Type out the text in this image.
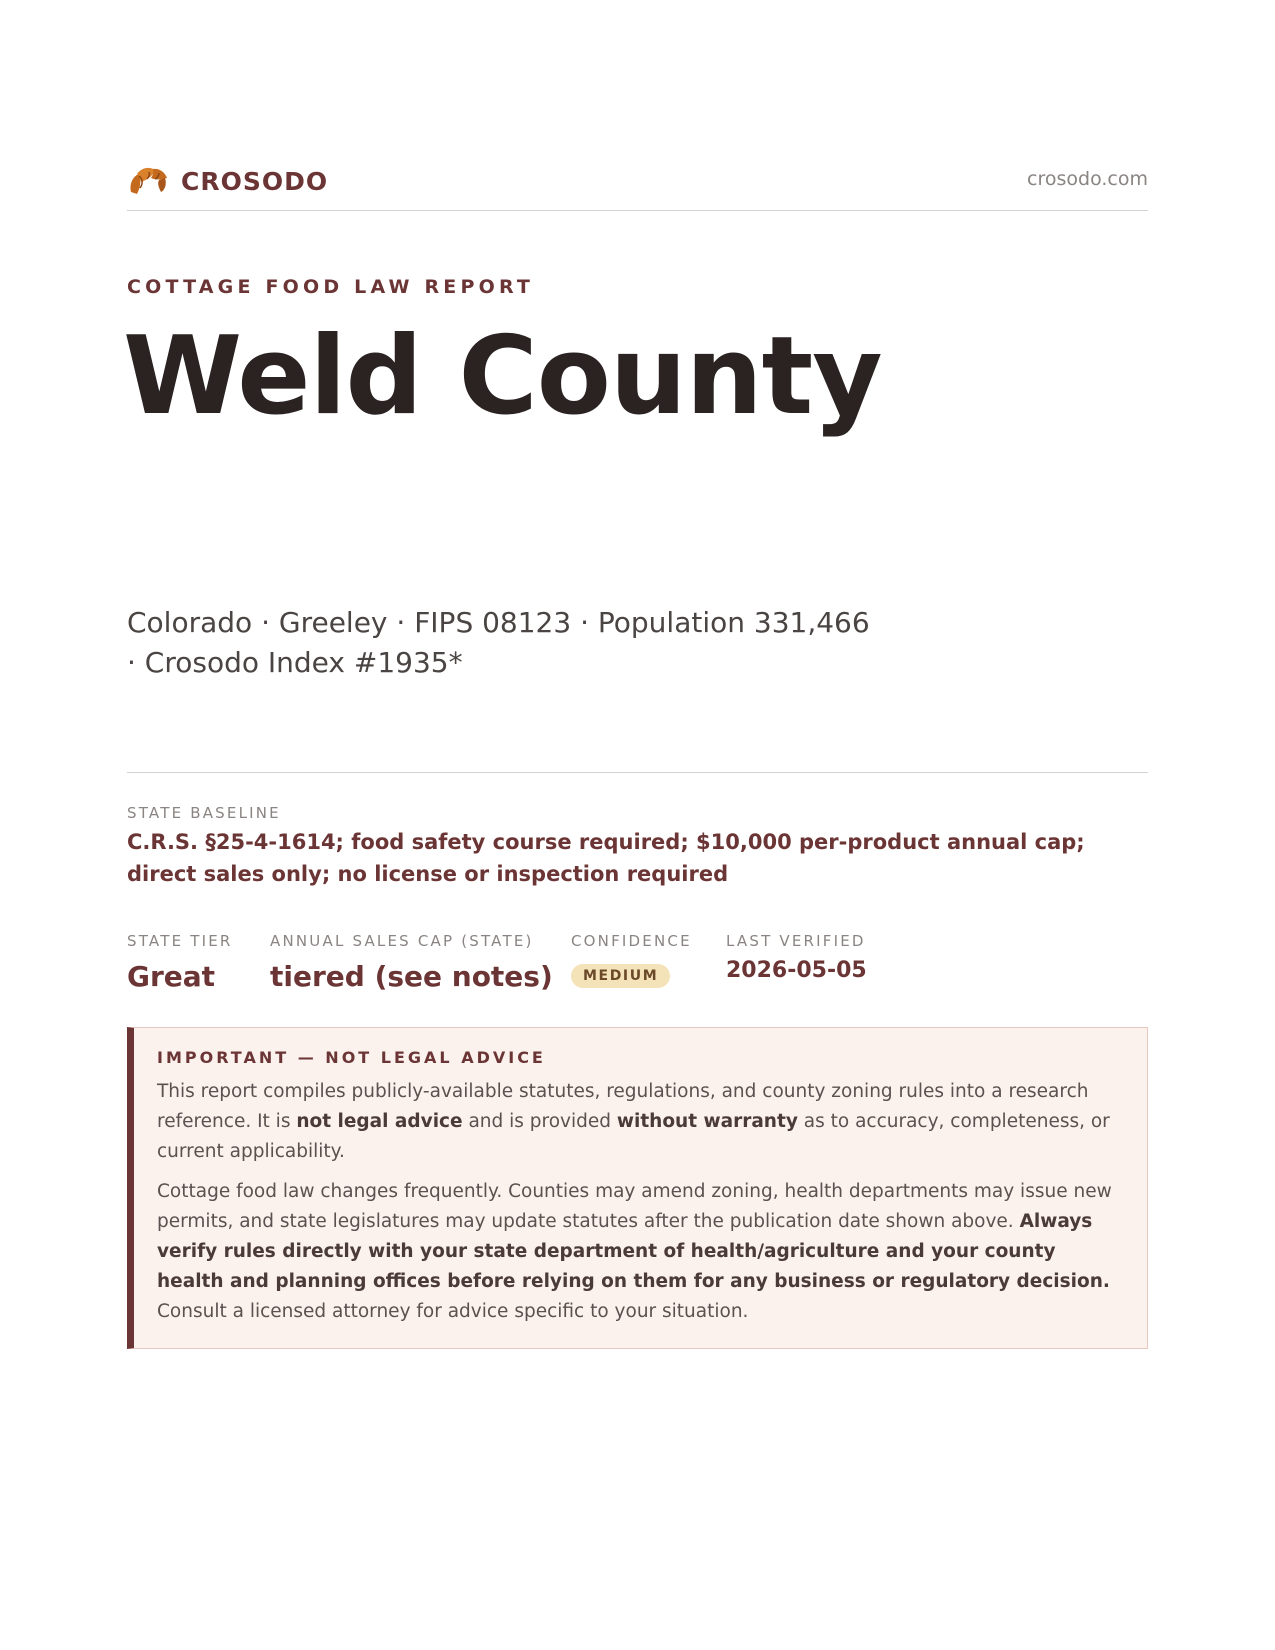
CROSODO	crosodo.com
COTTAGE FOOD LAW REPORT
Weld County
Colorado · Greeley · FIPS 08123 · Population 331,466 · Crosodo Index #1935*
STATE BASELINE
C.R.S. §25-4-1614; food safety course required; $10,000 per-product annual cap; direct sales only; no license or inspection required
STATE TIER
Great
ANNUAL SALES CAP (STATE)
tiered (see notes)
CONFIDENCE
MEDIUM
LAST VERIFIED
2026-05-05
IMPORTANT — NOT LEGAL ADVICE

This report compiles publicly-available statutes, regulations, and county zoning rules into a research reference. It is not legal advice and is provided without warranty as to accuracy, completeness, or current applicability.

Cottage food law changes frequently. Counties may amend zoning, health departments may issue new permits, and state legislatures may update statutes after the publication date shown above. Always verify rules directly with your state department of health/agriculture and your county health and planning offices before relying on them for any business or regulatory decision. Consult a licensed attorney for advice specific to your situation.
